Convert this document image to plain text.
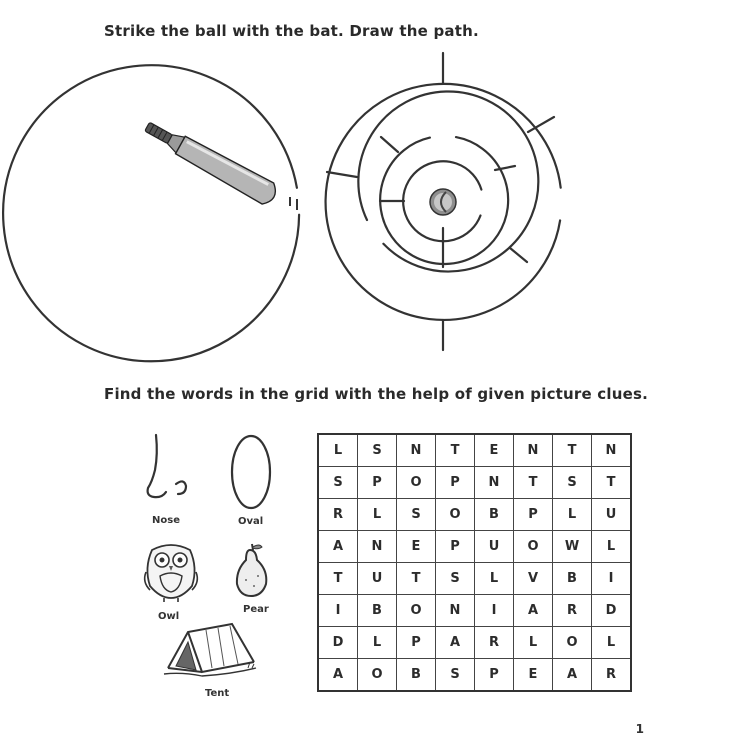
Strike the ball with the bat. Draw the path.
Find the words in the grid with the help of given picture clues.
Nose	Oval
Owl
Pear
Tent
L	S	N	T	E	N	T	N
S	P	O	P	N	T	S	T
R	L	S	O	B	P	L	U
A	N	E	P	U	O	W	L
T	U	T	S	L	V	B	I
I	B	O	N	I	A	R	D
D	L	P	A	R	L	O	L
A	O	B	S	P	E	A	R
1
